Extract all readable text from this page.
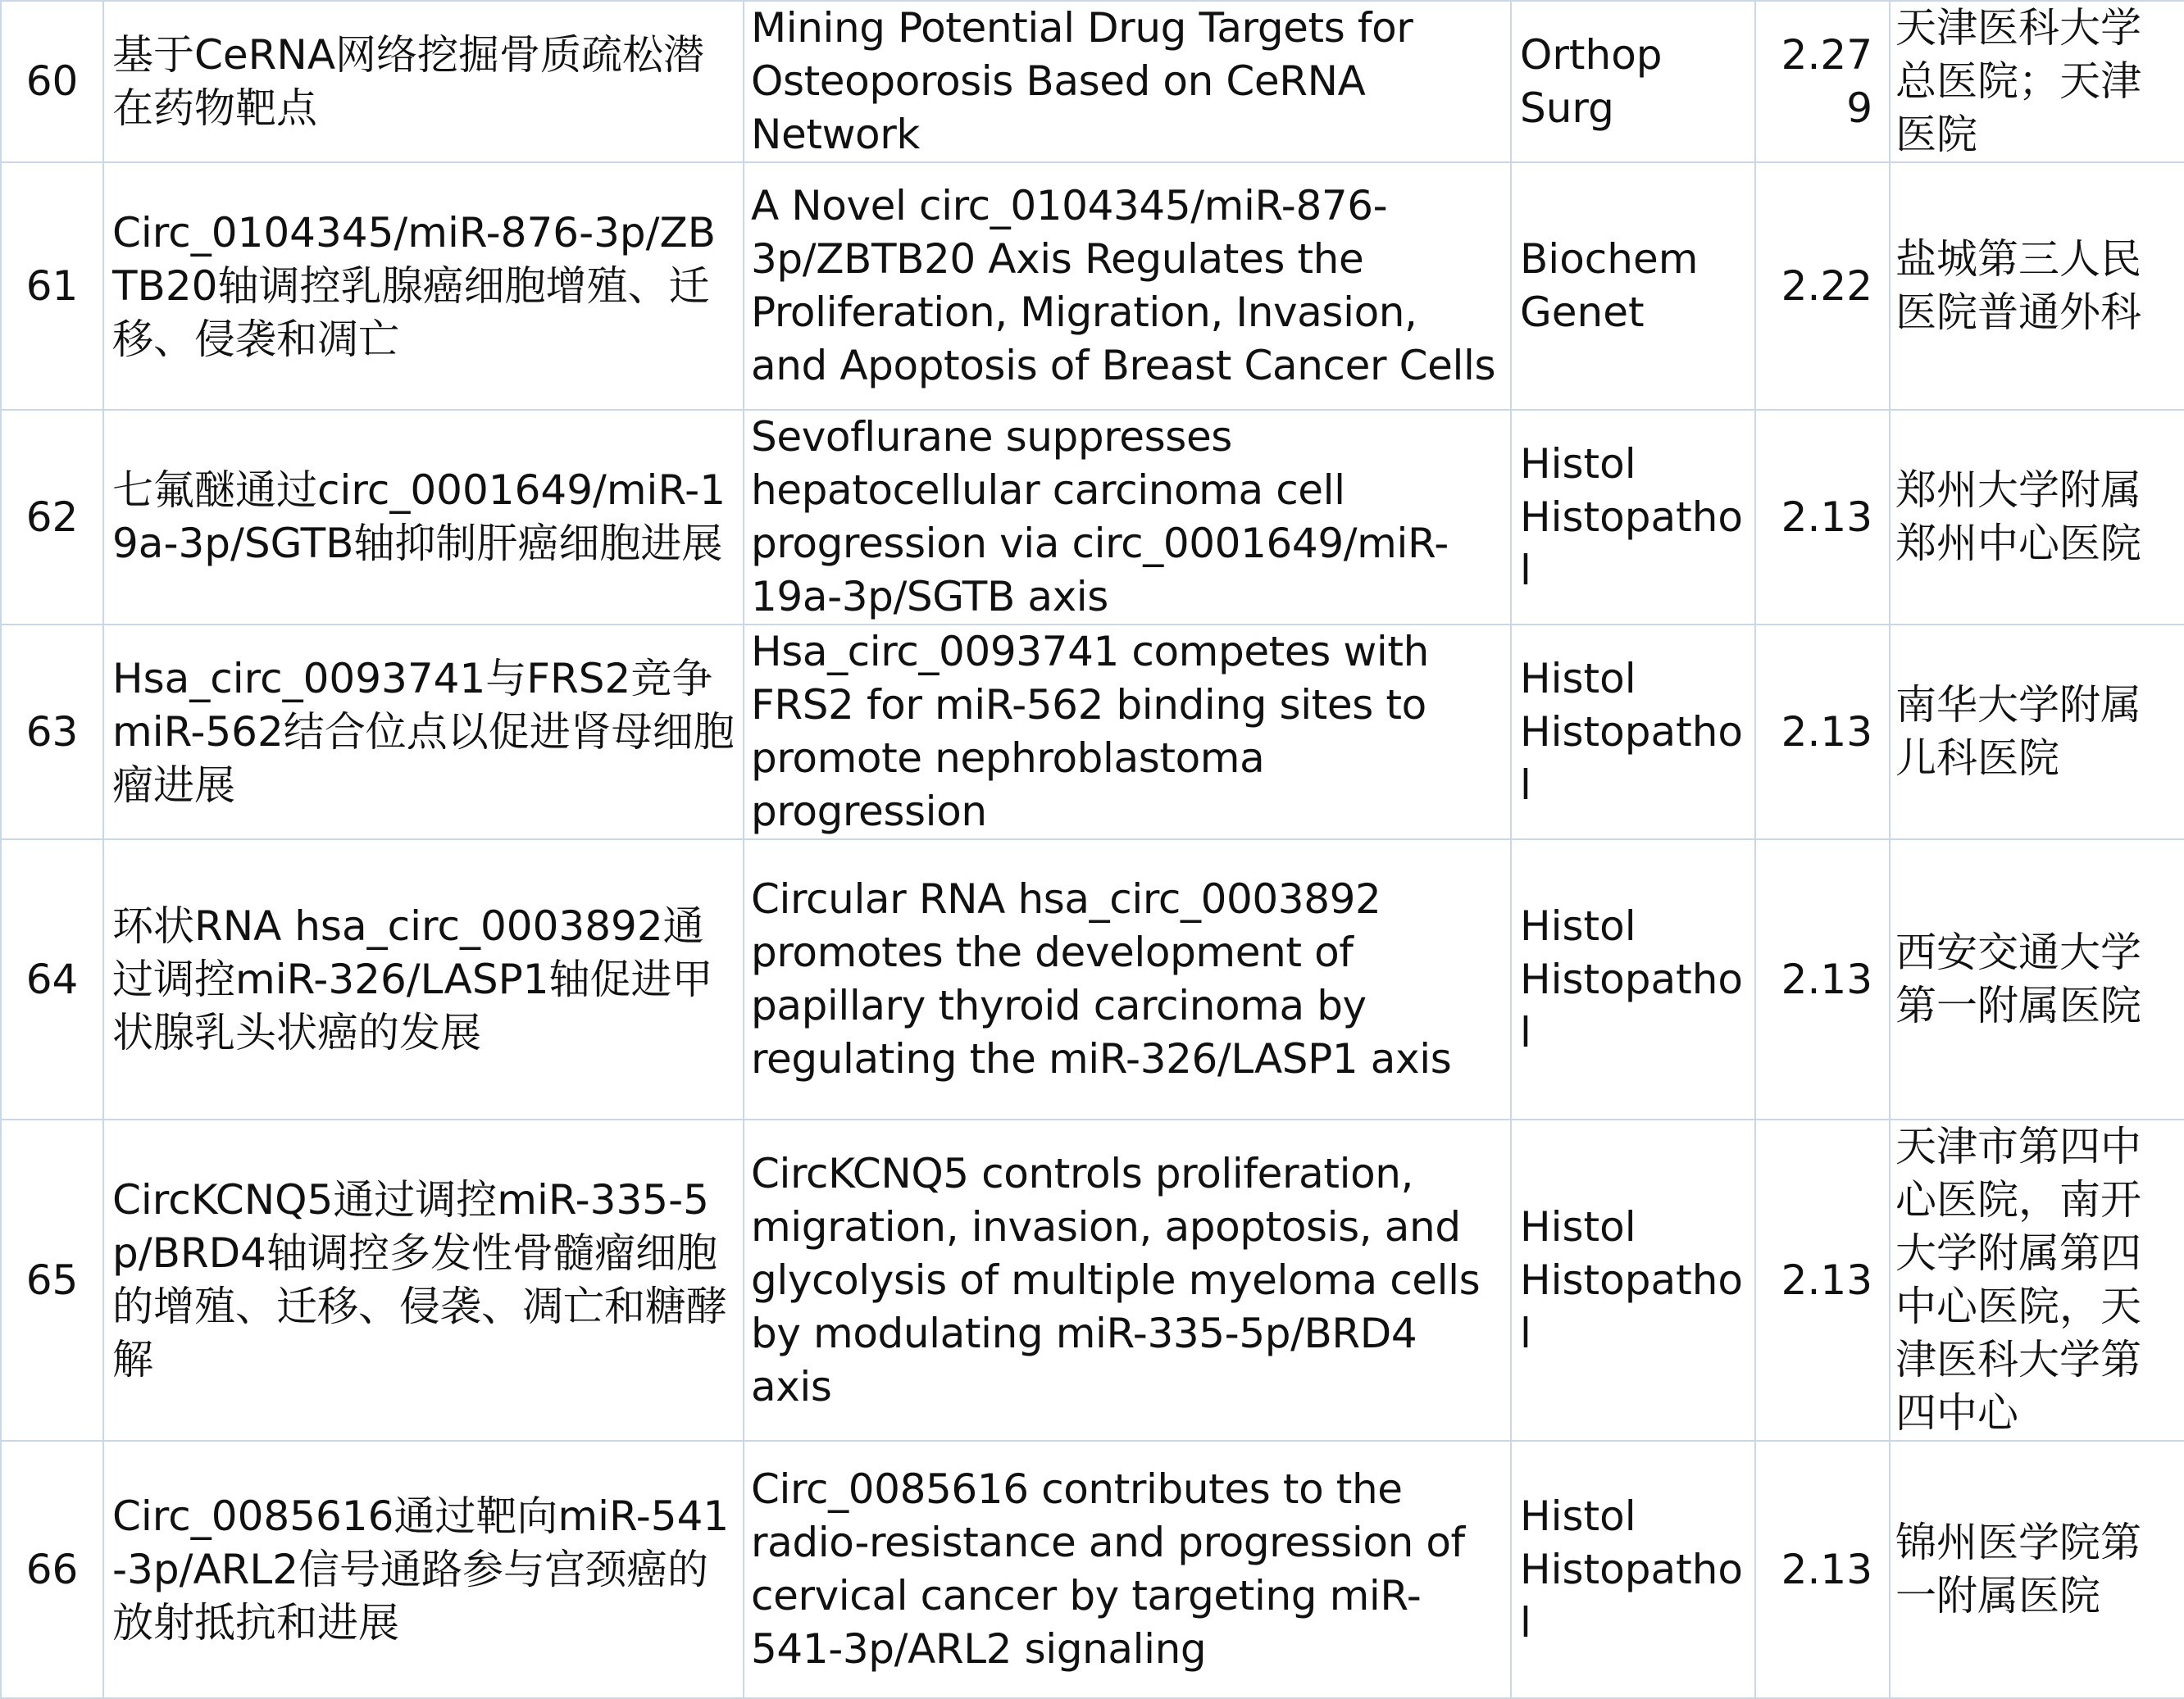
60	基于CeRNA网络挖掘骨质疏松潜在药物靶点	Mining Potential Drug Targets for Osteoporosis Based on CeRNA Network	Orthop Surg	2.279	天津医科大学总医院；天津医院
61	Circ_0104345/miR-876-3p/ZBTB20轴调控乳腺癌细胞增殖、迁移、侵袭和凋亡	A Novel circ_0104345/miR-876-3p/ZBTB20 Axis Regulates the Proliferation, Migration, Invasion, and Apoptosis of Breast Cancer Cells	Biochem Genet	2.22	盐城第三人民医院普通外科
62	七氟醚通过circ_0001649/miR-19a-3p/SGTB轴抑制肝癌细胞进展	Sevoflurane suppresses hepatocellular carcinoma cell progression via circ_0001649/miR-19a-3p/SGTB axis	Histol Histopathol	2.13	郑州大学附属郑州中心医院
63	Hsa_circ_0093741与FRS2竞争miR-562结合位点以促进肾母细胞瘤进展	Hsa_circ_0093741 competes with FRS2 for miR-562 binding sites to promote nephroblastoma progression	Histol Histopathol	2.13	南华大学附属儿科医院
64	环状RNA hsa_circ_0003892通过调控miR-326/LASP1轴促进甲状腺乳头状癌的发展	Circular RNA hsa_circ_0003892 promotes the development of papillary thyroid carcinoma by regulating the miR-326/LASP1 axis	Histol Histopathol	2.13	西安交通大学第一附属医院
65	CircKCNQ5通过调控miR-335-5p/BRD4轴调控多发性骨髓瘤细胞的增殖、迁移、侵袭、凋亡和糖酵解	CircKCNQ5 controls proliferation, migration, invasion, apoptosis, and glycolysis of multiple myeloma cells by modulating miR-335-5p/BRD4 axis	Histol Histopathol	2.13	天津市第四中心医院，南开大学附属第四中心医院，天津医科大学第四中心
66	Circ_0085616通过靶向miR-541-3p/ARL2信号通路参与宫颈癌的放射抵抗和进展	Circ_0085616 contributes to the radio-resistance and progression of cervical cancer by targeting miR-541-3p/ARL2 signaling	Histol Histopathol	2.13	锦州医学院第一附属医院
